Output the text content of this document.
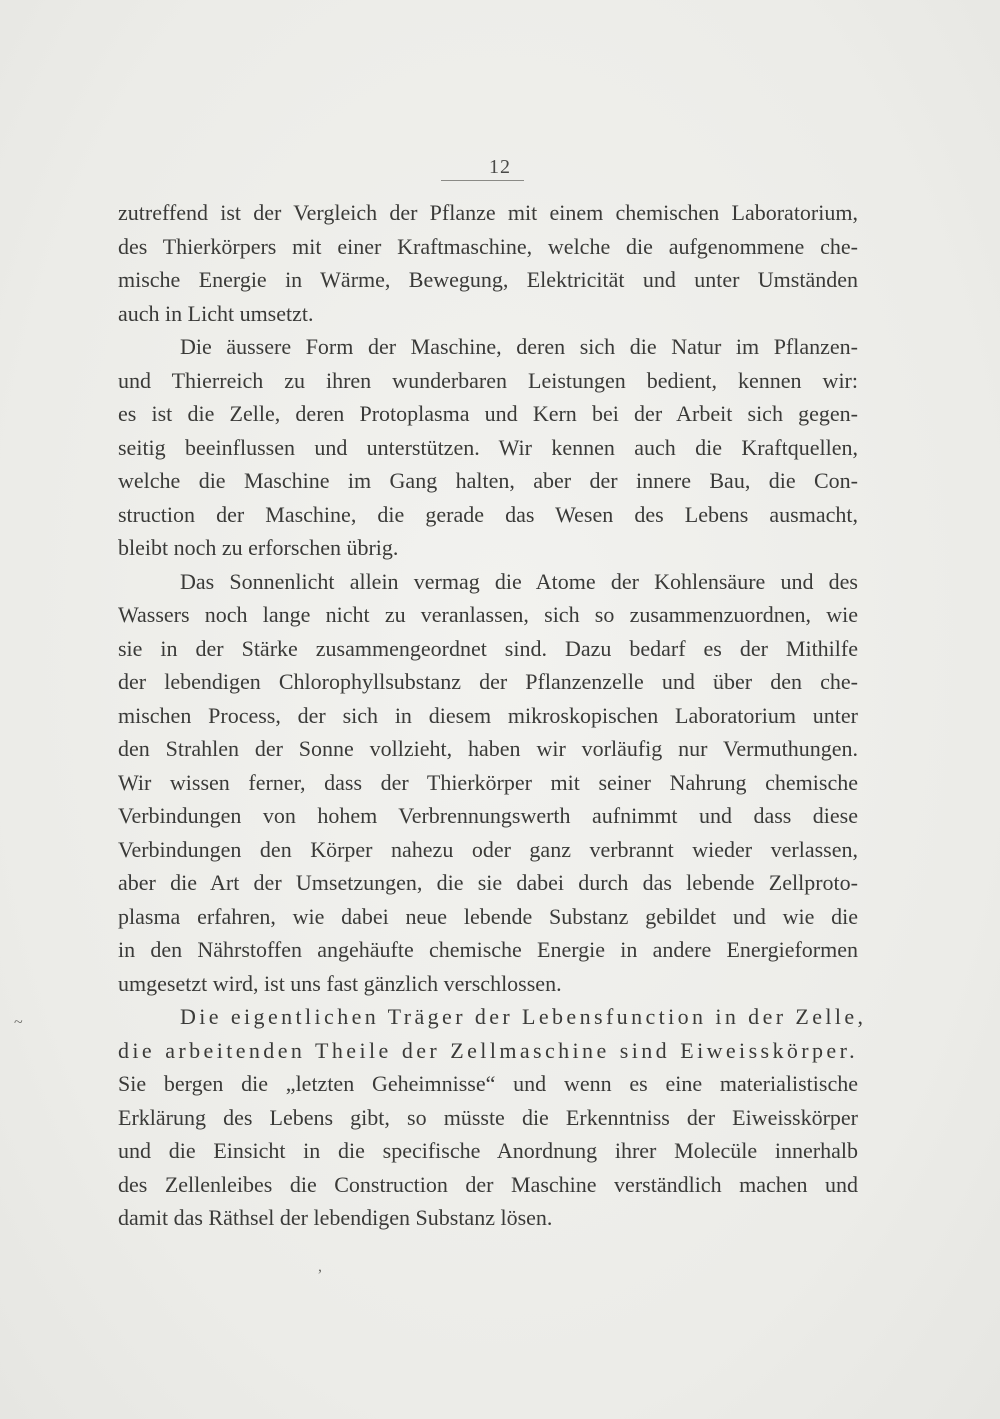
12
zutreffend ist der Vergleich der Pflanze mit einem chemischen Laboratorium,
des Thierkörpers mit einer Kraftmaschine, welche die aufgenommene che-
mische Energie in Wärme, Bewegung, Elektricität und unter Umständen
auch in Licht umsetzt.
Die äussere Form der Maschine, deren sich die Natur im Pflanzen-
und Thierreich zu ihren wunderbaren Leistungen bedient, kennen wir:
es ist die Zelle, deren Protoplasma und Kern bei der Arbeit sich gegen-
seitig beeinflussen und unterstützen. Wir kennen auch die Kraftquellen,
welche die Maschine im Gang halten, aber der innere Bau, die Con-
struction der Maschine, die gerade das Wesen des Lebens ausmacht,
bleibt noch zu erforschen übrig.
Das Sonnenlicht allein vermag die Atome der Kohlensäure und des
Wassers noch lange nicht zu veranlassen, sich so zusammenzuordnen, wie
sie in der Stärke zusammengeordnet sind. Dazu bedarf es der Mithilfe
der lebendigen Chlorophyllsubstanz der Pflanzenzelle und über den che-
mischen Process, der sich in diesem mikroskopischen Laboratorium unter
den Strahlen der Sonne vollzieht, haben wir vorläufig nur Vermuthungen.
Wir wissen ferner, dass der Thierkörper mit seiner Nahrung chemische
Verbindungen von hohem Verbrennungswerth aufnimmt und dass diese
Verbindungen den Körper nahezu oder ganz verbrannt wieder verlassen,
aber die Art der Umsetzungen, die sie dabei durch das lebende Zellproto-
plasma erfahren, wie dabei neue lebende Substanz gebildet und wie die
in den Nährstoffen angehäufte chemische Energie in andere Energieformen
umgesetzt wird, ist uns fast gänzlich verschlossen.
Die eigentlichen Träger der Lebensfunction in der Zelle,
die arbeitenden Theile der Zellmaschine sind Eiweisskörper.
Sie bergen die „letzten Geheimnisse“ und wenn es eine materialistische
Erklärung des Lebens gibt, so müsste die Erkenntniss der Eiweisskörper
und die Einsicht in die specifische Anordnung ihrer Molecüle innerhalb
des Zellenleibes die Construction der Maschine verständlich machen und
damit das Räthsel der lebendigen Substanz lösen.
~
,
